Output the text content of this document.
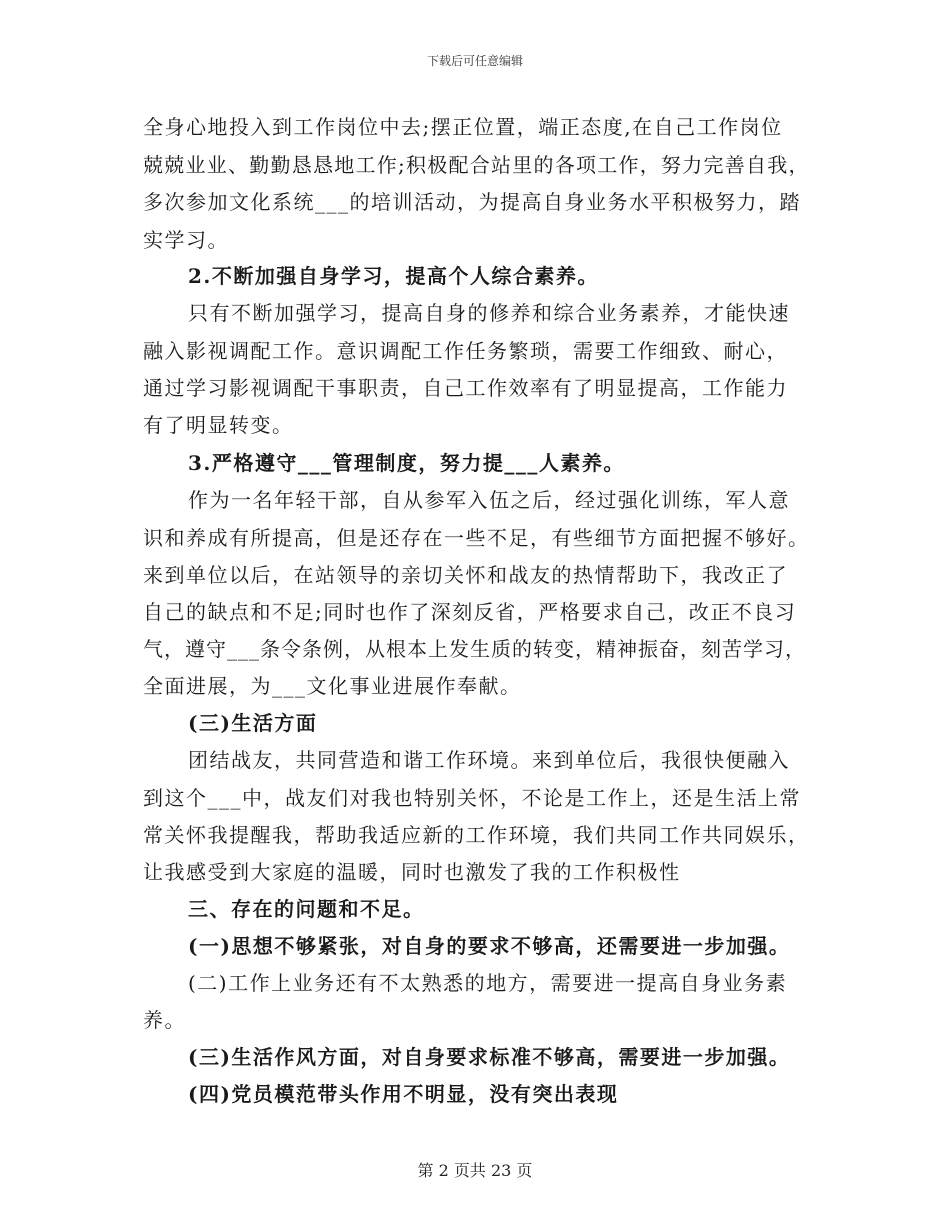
下载后可任意编辑
全身心地投入到工作岗位中去;摆正位置，端正态度,在自己工作岗位
兢兢业业、勤勤恳恳地工作;积极配合站里的各项工作，努力完善自我，
多次参加文化系统___的培训活动，为提高自身业务水平积极努力，踏
实学习。
2.不断加强自身学习，提高个人综合素养。
只有不断加强学习，提高自身的修养和综合业务素养，才能快速
融入影视调配工作。意识调配工作任务繁琐，需要工作细致、耐心，
通过学习影视调配干事职责，自己工作效率有了明显提高，工作能力
有了明显转变。
3.严格遵守___管理制度，努力提___人素养。
作为一名年轻干部，自从参军入伍之后，经过强化训练，军人意
识和养成有所提高，但是还存在一些不足，有些细节方面把握不够好。
来到单位以后，在站领导的亲切关怀和战友的热情帮助下，我改正了
自己的缺点和不足;同时也作了深刻反省，严格要求自己，改正不良习
气，遵守___条令条例，从根本上发生质的转变，精神振奋，刻苦学习，
全面进展，为___文化事业进展作奉献。
(三)生活方面
团结战友，共同营造和谐工作环境。来到单位后，我很快便融入
到这个___中，战友们对我也特别关怀，不论是工作上，还是生活上常
常关怀我提醒我，帮助我适应新的工作环境，我们共同工作共同娱乐，
让我感受到大家庭的温暖，同时也激发了我的工作积极性
三、存在的问题和不足。
(一)思想不够紧张，对自身的要求不够高，还需要进一步加强。
(二)工作上业务还有不太熟悉的地方，需要进一提高自身业务素
养。
(三)生活作风方面，对自身要求标准不够高，需要进一步加强。
(四)党员模范带头作用不明显，没有突出表现
第 2 页共 23 页
